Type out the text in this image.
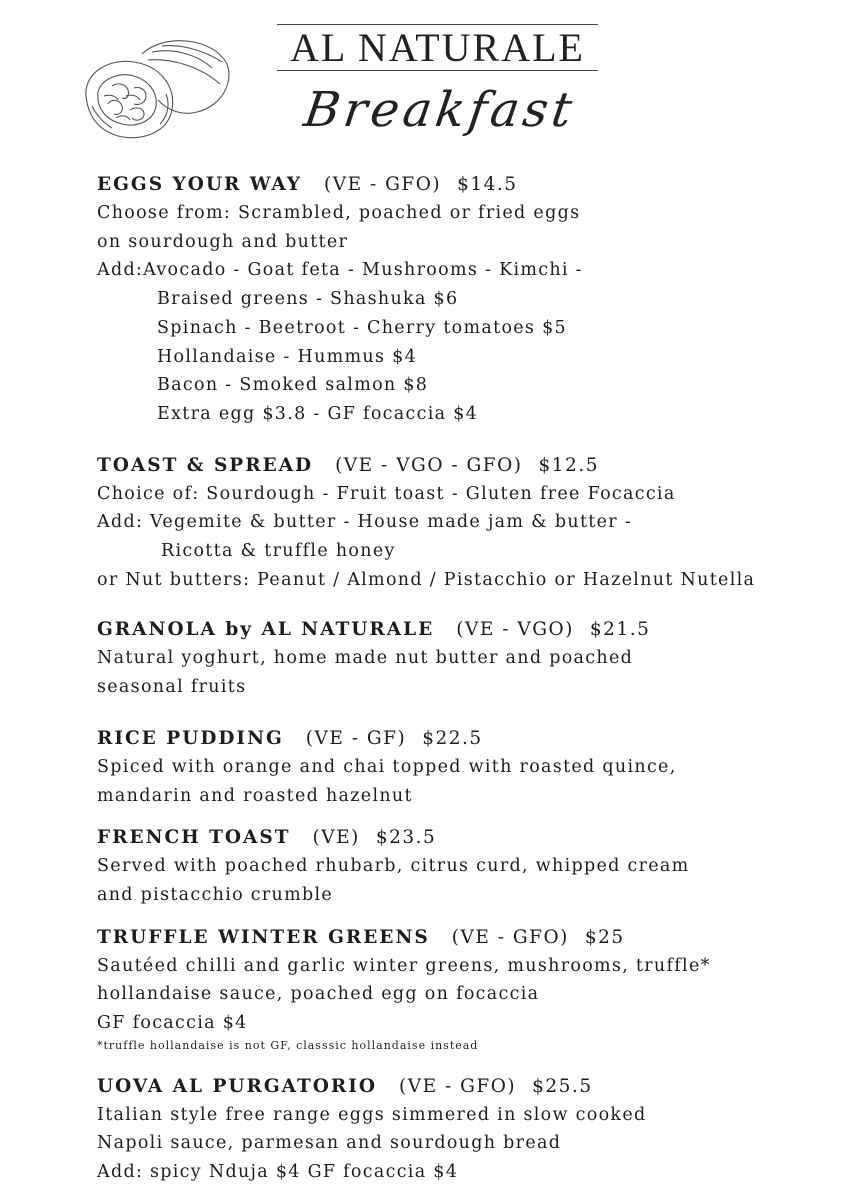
AL NATURALE
Breakfast
EGGS YOUR WAY (VE - GFO) $14.5
Choose from: Scrambled, poached or fried eggs
on sourdough and butter
Add:Avocado - Goat feta - Mushrooms - Kimchi -
Braised greens - Shashuka $6
Spinach - Beetroot - Cherry tomatoes $5
Hollandaise - Hummus $4
Bacon - Smoked salmon $8
Extra egg $3.8 - GF focaccia $4
TOAST & SPREAD (VE - VGO - GFO) $12.5
Choice of: Sourdough - Fruit toast - Gluten free Focaccia
Add: Vegemite & butter - House made jam & butter -
Ricotta & truffle honey
or Nut butters: Peanut / Almond / Pistacchio or Hazelnut Nutella
GRANOLA by AL NATURALE (VE - VGO) $21.5
Natural yoghurt, home made nut butter and poached
seasonal fruits
RICE PUDDING (VE - GF) $22.5
Spiced with orange and chai topped with roasted quince,
mandarin and roasted hazelnut
FRENCH TOAST (VE) $23.5
Served with poached rhubarb, citrus curd, whipped cream
and pistacchio crumble
TRUFFLE WINTER GREENS (VE - GFO) $25
Sautéed chilli and garlic winter greens, mushrooms, truffle*
hollandaise sauce, poached egg on focaccia
GF focaccia $4
*truffle hollandaise is not GF, classsic hollandaise instead
UOVA AL PURGATORIO (VE - GFO) $25.5
Italian style free range eggs simmered in slow cooked
Napoli sauce, parmesan and sourdough bread
Add: spicy Nduja $4 GF focaccia $4
